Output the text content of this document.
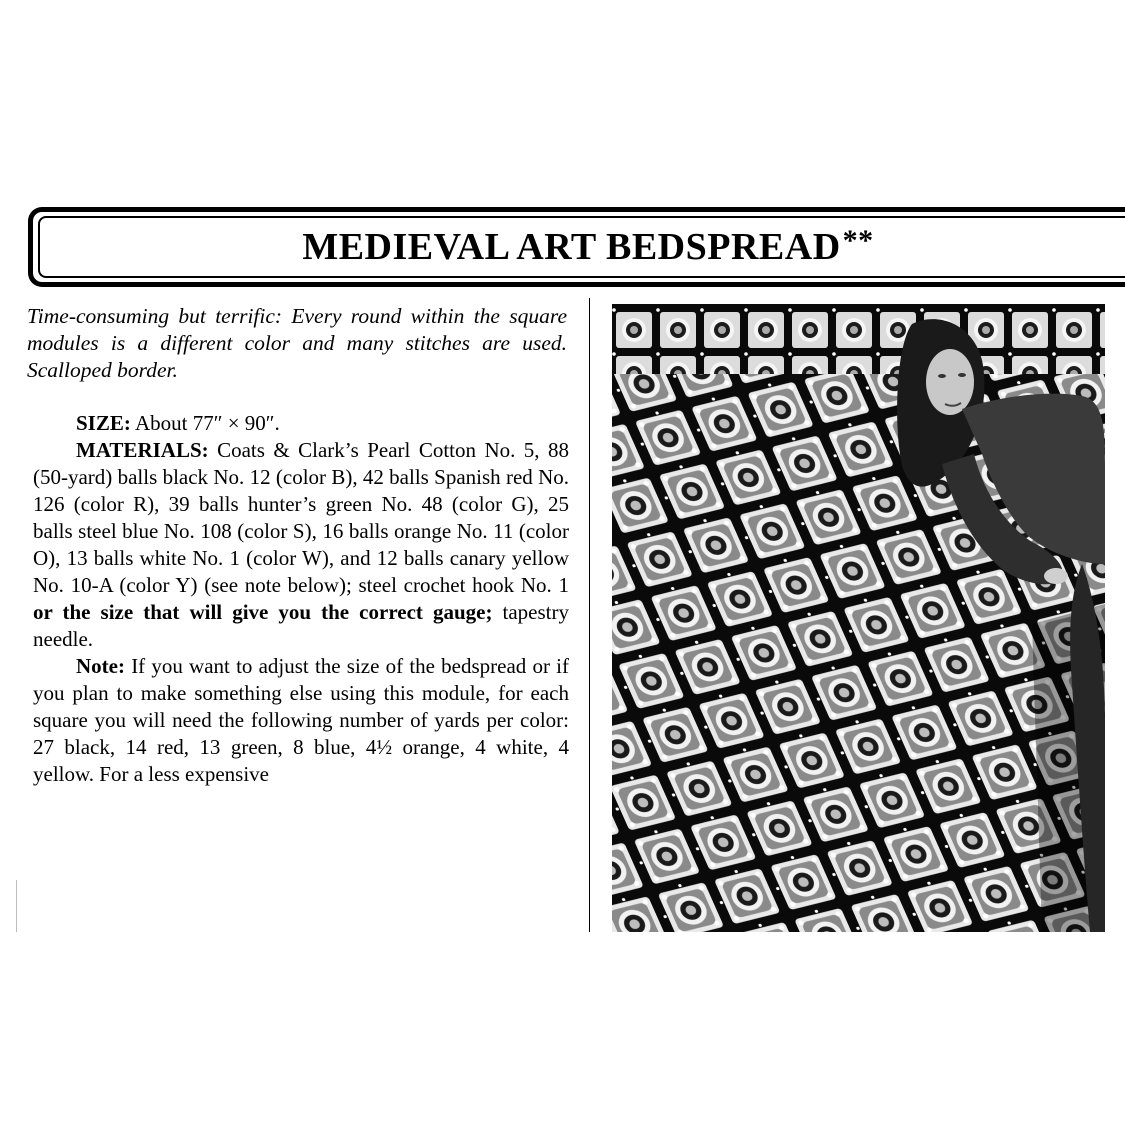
MEDIEVAL ART BEDSPREAD **

Time-consuming but terrific: Every round within the square modules is a different color and many stitches are used. Scalloped border.

SIZE: About 77″ × 90″.

MATERIALS: Coats & Clark’s Pearl Cotton No. 5, 88 (50-yard) balls black No. 12 (color B), 42 balls Spanish red No. 126 (color R), 39 balls hunter’s green No. 48 (color G), 25 balls steel blue No. 108 (color S), 16 balls orange No. 11 (color O), 13 balls white No. 1 (color W), and 12 balls canary yellow No. 10-A (color Y) (see note below); steel crochet hook No. 1 or the size that will give you the correct gauge; tapestry needle.

Note: If you want to adjust the size of the bedspread or if you plan to make something else using this module, for each square you will need the following number of yards per color: 27 black, 14 red, 13 green, 8 blue, 4½ orange, 4 white, 4 yellow. For a less expensive
